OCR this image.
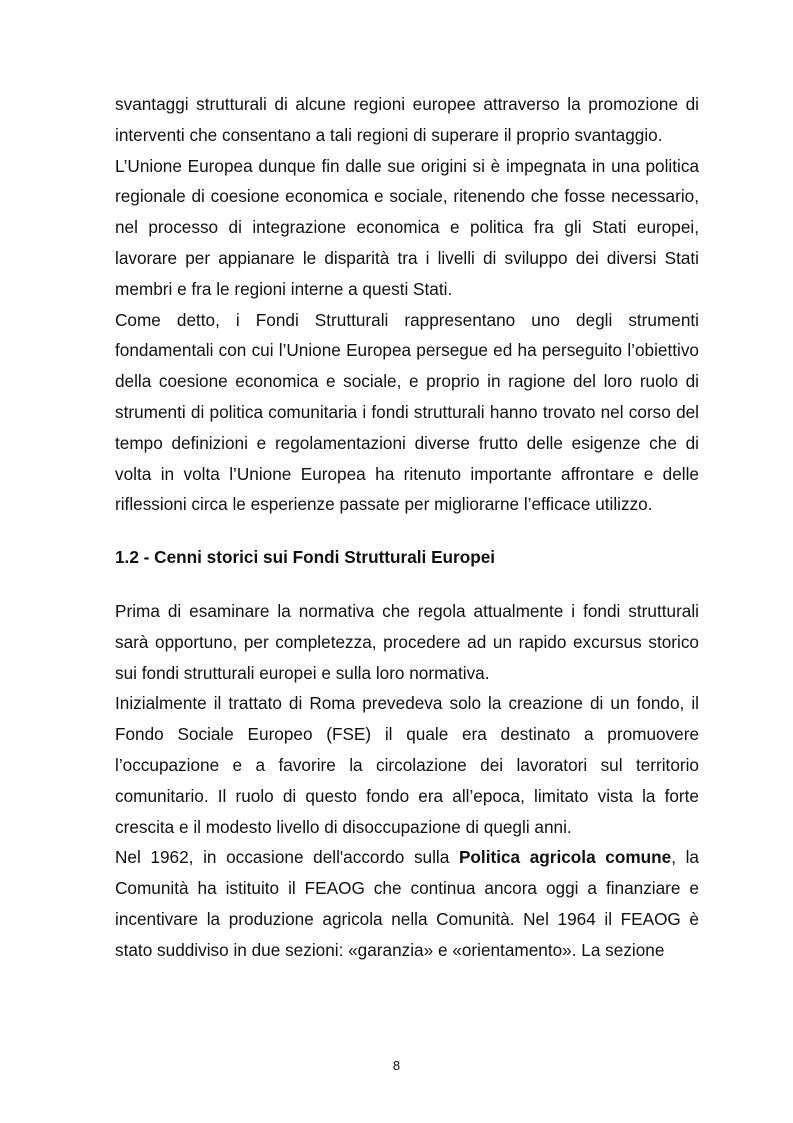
svantaggi strutturali di alcune regioni europee attraverso la promozione di interventi che consentano a tali regioni di superare il proprio svantaggio.

L’Unione Europea dunque fin dalle sue origini si è impegnata in una politica regionale di coesione economica e sociale, ritenendo che fosse necessario, nel processo di integrazione economica e politica fra gli Stati europei, lavorare per appianare le disparità tra i livelli di sviluppo dei diversi Stati membri e fra le regioni interne a questi Stati.

Come detto, i Fondi Strutturali rappresentano uno degli strumenti fondamentali con cui l’Unione Europea persegue ed ha perseguito l’obiettivo della coesione economica e sociale, e proprio in ragione del loro ruolo di strumenti di politica comunitaria i fondi strutturali hanno trovato nel corso del tempo definizioni e regolamentazioni diverse frutto delle esigenze che di volta in volta l’Unione Europea ha ritenuto importante affrontare e delle riflessioni circa le esperienze passate per migliorarne l’efficace utilizzo.

1.2 - Cenni storici sui Fondi Strutturali Europei

Prima di esaminare la normativa che regola attualmente i fondi strutturali sarà opportuno, per completezza, procedere ad un rapido excursus storico sui fondi strutturali europei e sulla loro normativa.

Inizialmente il trattato di Roma prevedeva solo la creazione di un fondo, il Fondo Sociale Europeo (FSE) il quale era destinato a promuovere l’occupazione e a favorire la circolazione dei lavoratori sul territorio comunitario. Il ruolo di questo fondo era all’epoca, limitato vista la forte crescita e il modesto livello di disoccupazione di quegli anni.

Nel 1962, in occasione dell'accordo sulla Politica agricola comune, la Comunità ha istituito il FEAOG che continua ancora oggi a finanziare e incentivare la produzione agricola nella Comunità. Nel 1964 il FEAOG è stato suddiviso in due sezioni: «garanzia» e «orientamento». La sezione

8
